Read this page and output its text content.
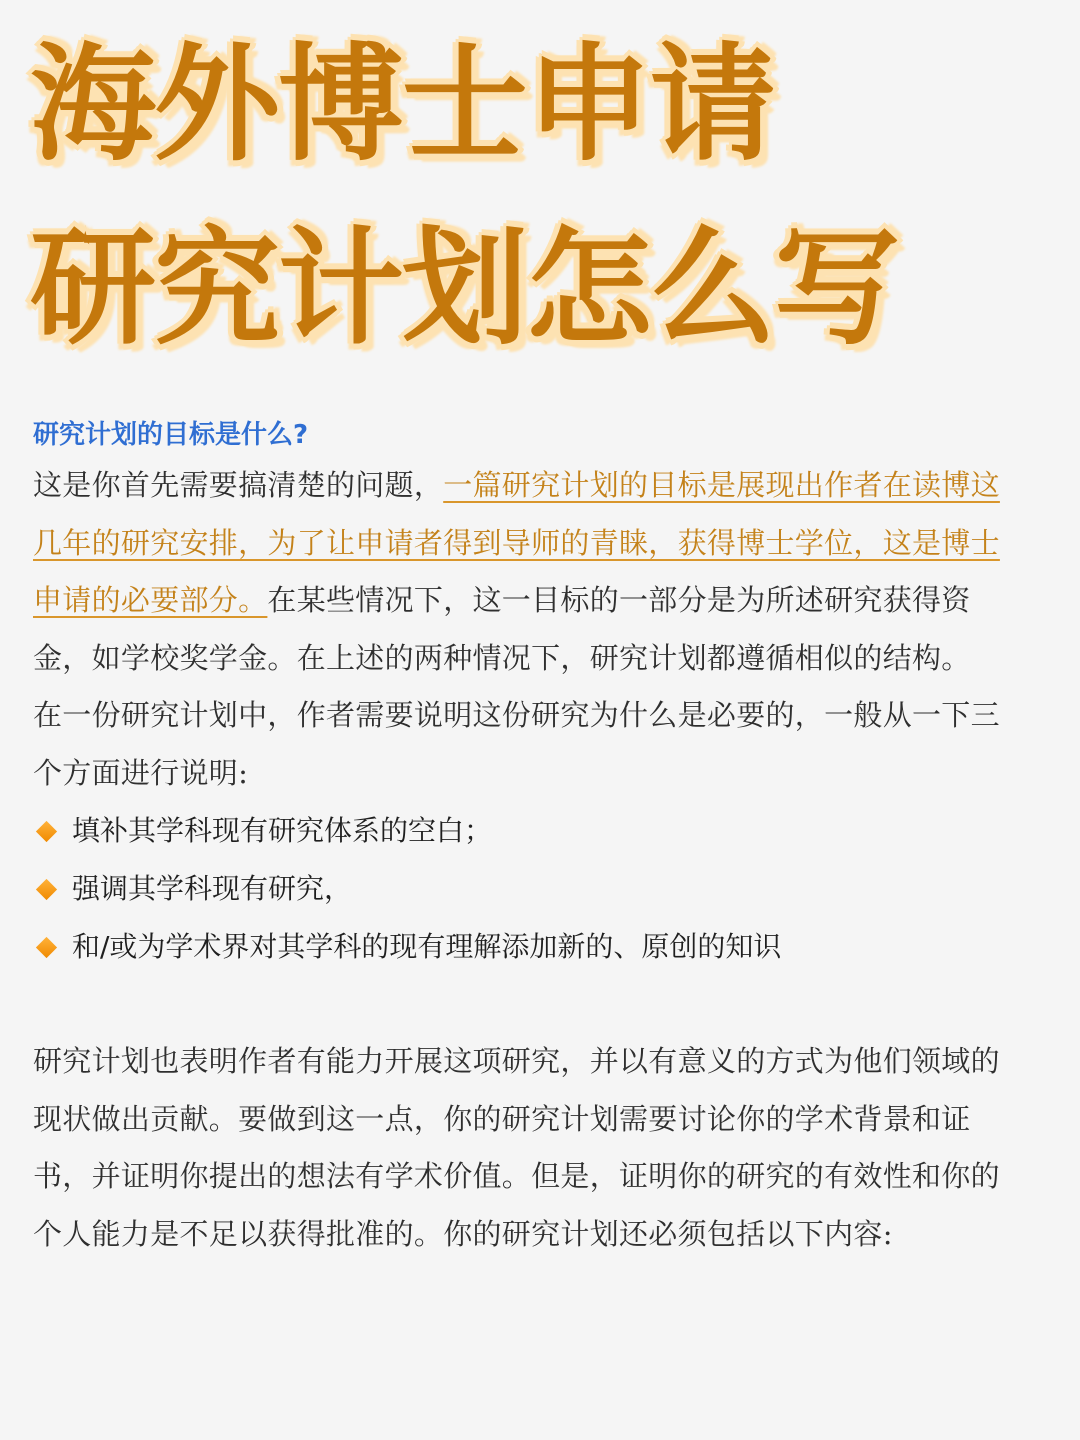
海外博士申请
研究计划怎么写
研究计划的目标是什么?

这是你首先需要搞清楚的问题，一篇研究计划的目标是展现出作者在读博这几年的研究安排，为了让申请者得到导师的青睐，获得博士学位，这是博士申请的必要部分。在某些情况下，这一目标的一部分是为所述研究获得资金，如学校奖学金。在上述的两种情况下，研究计划都遵循相似的结构。

在一份研究计划中，作者需要说明这份研究为什么是必要的，一般从一下三个方面进行说明:

填补其学科现有研究体系的空白；
强调其学科现有研究，
和/或为学术界对其学科的现有理解添加新的、原创的知识

研究计划也表明作者有能力开展这项研究，并以有意义的方式为他们领域的现状做出贡献。要做到这一点，你的研究计划需要讨论你的学术背景和证书，并证明你提出的想法有学术价值。但是，证明你的研究的有效性和你的个人能力是不足以获得批准的。你的研究计划还必须包括以下内容:
